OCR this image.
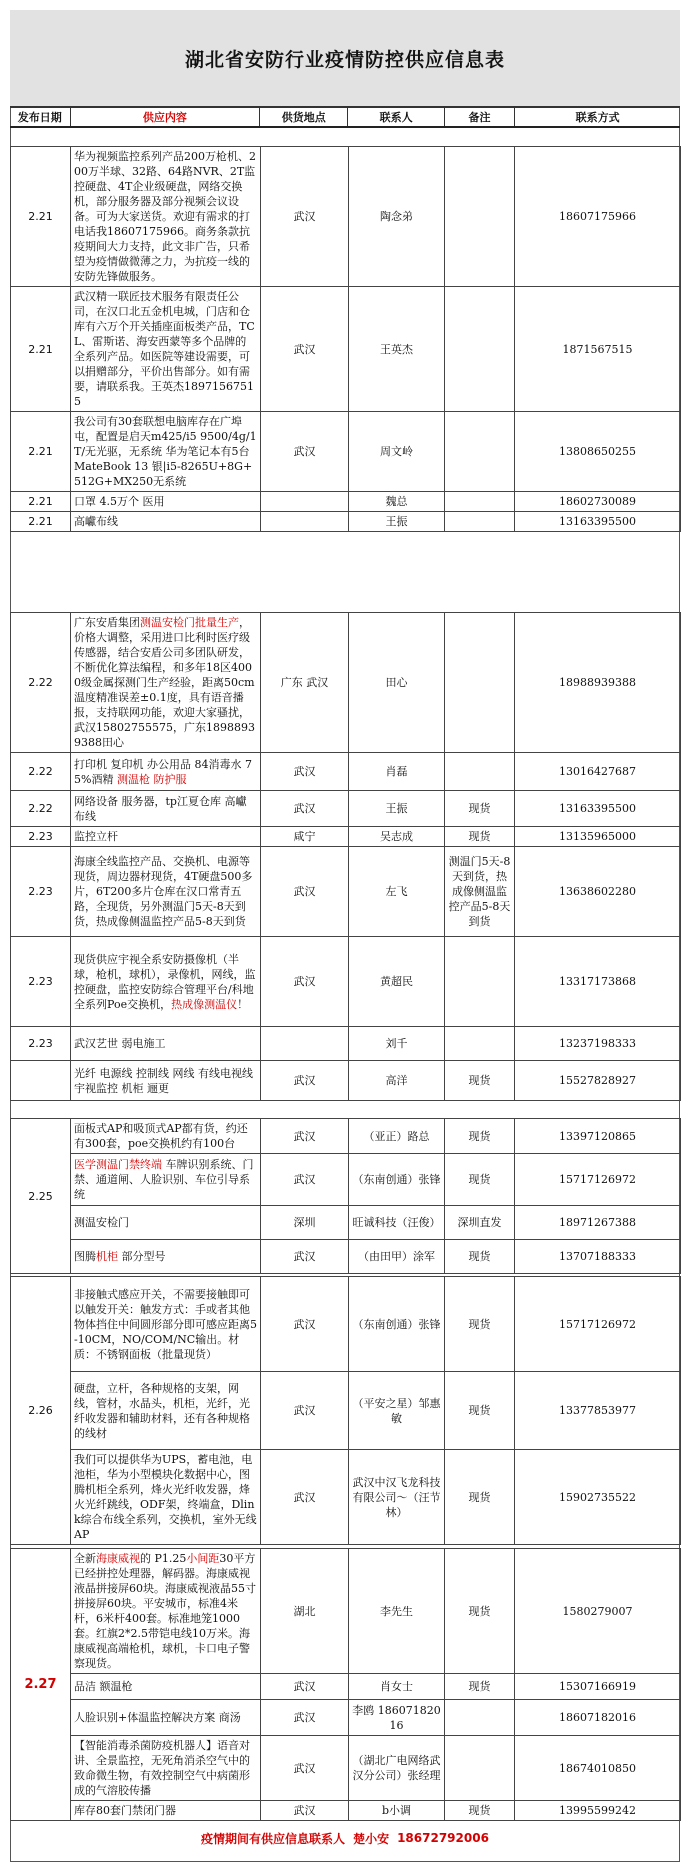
湖北省安防行业疫情防控供应信息表
发布日期	供应内容	供货地点	联系人	备注	联系方式
2.21	华为视频监控系列产品200万枪机、200万半球、32路、64路NVR、2T监控硬盘、4T企业级硬盘，网络交换机，部分服务器及部分视频会议设备。可为大家送货。欢迎有需求的打电话我18607175966。商务条款抗疫期间大力支持，此文非广告，只希望为疫情做微薄之力，为抗疫一线的安防先锋做服务。	武汉	陶念弟		18607175966
2.21	武汉精一联匠技术服务有限责任公司，在汉口北五金机电城，门店和仓库有六万个开关插座面板类产品，TCL、雷斯诺、海安西蒙等多个品牌的全系列产品。如医院等建设需要，可以捐赠部分，平价出售部分。如有需要，请联系我。王英杰18971567515	武汉	王英杰		1871567515
2.21	我公司有30套联想电脑库存在广埠屯，配置是启天m425/i5 9500/4g/1T/无光驱，无系统 华为笔记本有5台MateBook 13 银|i5-8265U+8G+512G+MX250无系统	武汉	周文岭		13808650255
2.21	口罩 4.5万个 医用		魏总		18602730089
2.21	高巘布线		王振		13163395500
2.22	广东安盾集团测温安检门批量生产，价格大调整，采用进口比利时医疗级传感器，结合安盾公司多团队研发，不断优化算法编程，和多年18区4000级金属探测门生产经验，距离50cm温度精准误差±0.1度，具有语音播报，支持联网功能，欢迎大家骚扰，武汉15802755575，广东18988939388田心	广东 武汉	田心		18988939388
2.22	打印机 复印机 办公用品 84消毒水 75%酒精 测温枪 防护服	武汉	肖磊		13016427687
2.22	网络设备 服务器，tp江夏仓库 高巘布线	武汉	王振	现货	13163395500
2.23	监控立杆	咸宁	吴志成	现货	13135965000
2.23	海康全线监控产品、交换机、电源等现货，周边器材现货，4T硬盘500多片，6T200多片仓库在汉口常青五路，全现货，另外测温门5天-8天到货，热成像侧温监控产品5-8天到货	武汉	左飞	测温门5天-8天到货，热成像侧温监控产品5-8天到货	13638602280
2.23	现货供应宇视全系安防摄像机（半球，枪机，球机），录像机，网线，监控硬盘，监控安防综合管理平台/科地全系列Poe交换机，热成像测温仪！	武汉	黄超民		13317173868
2.23	武汉艺世 弱电施工		刘千		13237198333
	光纤 电源线 控制线 网线 有线电视线 宇视监控 机柜 逦更	武汉	高洋	现货	15527828927
2.25	面板式AP和吸顶式AP都有货，约还有300套，poe交换机约有100台	武汉	（亚正）路总	现货	13397120865
	医学测温门禁终端 车牌识别系统、门禁、通道闸、人脸识别、车位引导系统	武汉	（东南创通）张锋	现货	15717126972
	测温安检门	深圳	旺诚科技（汪俊）	深圳直发	18971267388
	图腾机柜 部分型号	武汉	（由田甲）涂军	现货	13707188333
2.26	非接触式感应开关，不需要接触即可以触发开关：触发方式：手或者其他物体挡住中间圆形部分即可感应距离5-10CM，NO/COM/NC输出。材质：不锈钢面板（批量现货）	武汉	（东南创通）张锋	现货	15717126972
	硬盘，立杆，各种规格的支架，网线，管材，水晶头，机柜，光纤，光纤收发器和辅助材料，还有各种规格的线材	武汉	（平安之星）邹惠敏	现货	13377853977
	我们可以提供华为UPS，蓄电池，电池柜，华为小型模块化数据中心，图腾机柜全系列，烽火光纤收发器，烽火光纤跳线，ODF架，终端盒，Dlink综合布线全系列，交换机，室外无线AP	武汉	武汉中汉飞龙科技有限公司～（汪节林）	现货	15902735522
2.27	全新海康威视的 P1.25小间距30平方已经拼控处理器，解码器。海康威视液晶拼接屏60块。海康威视液晶55寸拼接屏60块。平安城市，标准4米杆，6米杆400套。标准地笼1000套。红旗2*2.5带铠电线10万米。海康威视高端枪机，球机，卡口电子警察现货。	湖北	李先生	现货	1580279007
	品洁 额温枪	武汉	肖女士	现货	15307166919
	人脸识别+体温监控解决方案 商汤	武汉	李鸥 18607182016		18607182016
	【智能消毒杀菌防疫机器人】语音对讲、全景监控，无死角消杀空气中的致命微生物，有效控制空气中病菌形成的气溶胶传播	武汉	（湖北广电网络武汉分公司）张经理		18674010850
	库存80套门禁闭门器	武汉	b小调	现货	13995599242
疫情期间有供应信息联系人 楚小安 18672792006
